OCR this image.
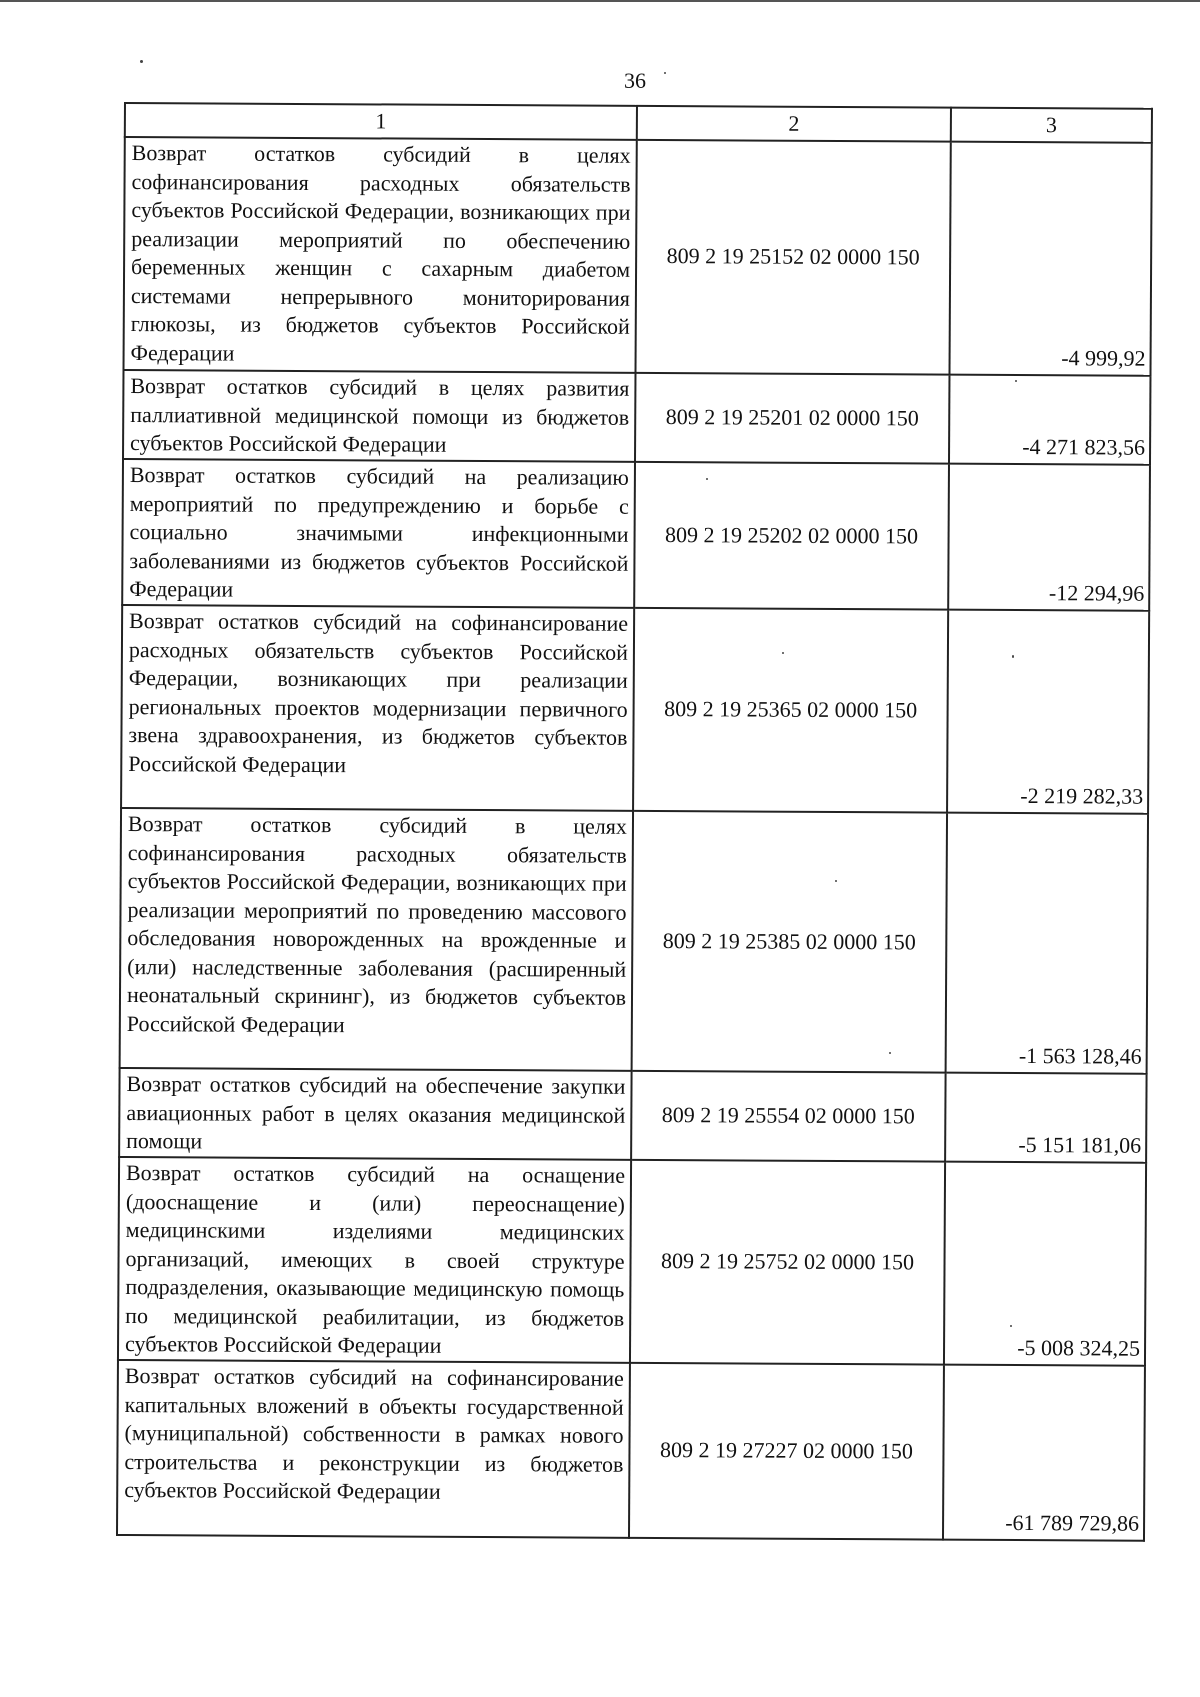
36
1	2	3
Возврат остатков субсидий в целях софинансирования расходных обязательств субъектов Российской Федерации, возникающих при реализации мероприятий по обеспечению беременных женщин с сахарным диабетом системами непрерывного мониторирования глюкозы, из бюджетов субъектов Российской Федерации	809 2 19 25152 02 0000 150	-4 999,92
Возврат остатков субсидий в целях развития паллиативной медицинской помощи из бюджетов субъектов Российской Федерации	809 2 19 25201 02 0000 150	-4 271 823,56
Возврат остатков субсидий на реализацию мероприятий по предупреждению и борьбе с социально значимыми инфекционными заболеваниями из бюджетов субъектов Российской Федерации	809 2 19 25202 02 0000 150	-12 294,96
Возврат остатков субсидий на софинансирование расходных обязательств субъектов Российской Федерации, возникающих при реализации региональных проектов модернизации первичного звена здравоохранения, из бюджетов субъектов Российской Федерации	809 2 19 25365 02 0000 150	-2 219 282,33
Возврат остатков субсидий в целях софинансирования расходных обязательств субъектов Российской Федерации, возникающих при реализации мероприятий по проведению массового обследования новорожденных на врожденные и (или) наследственные заболевания (расширенный неонатальный скрининг), из бюджетов субъектов Российской Федерации	809 2 19 25385 02 0000 150	-1 563 128,46
Возврат остатков субсидий на обеспечение закупки авиационных работ в целях оказания медицинской помощи	809 2 19 25554 02 0000 150	-5 151 181,06
Возврат остатков субсидий на оснащение (дооснащение и (или) переоснащение) медицинскими изделиями медицинских организаций, имеющих в своей структуре подразделения, оказывающие медицинскую помощь по медицинской реабилитации, из бюджетов субъектов Российской Федерации	809 2 19 25752 02 0000 150	-5 008 324,25
Возврат остатков субсидий на софинансирование капитальных вложений в объекты государственной (муниципальной) собственности в рамках нового строительства и реконструкции из бюджетов субъектов Российской Федерации	809 2 19 27227 02 0000 150	-61 789 729,86
